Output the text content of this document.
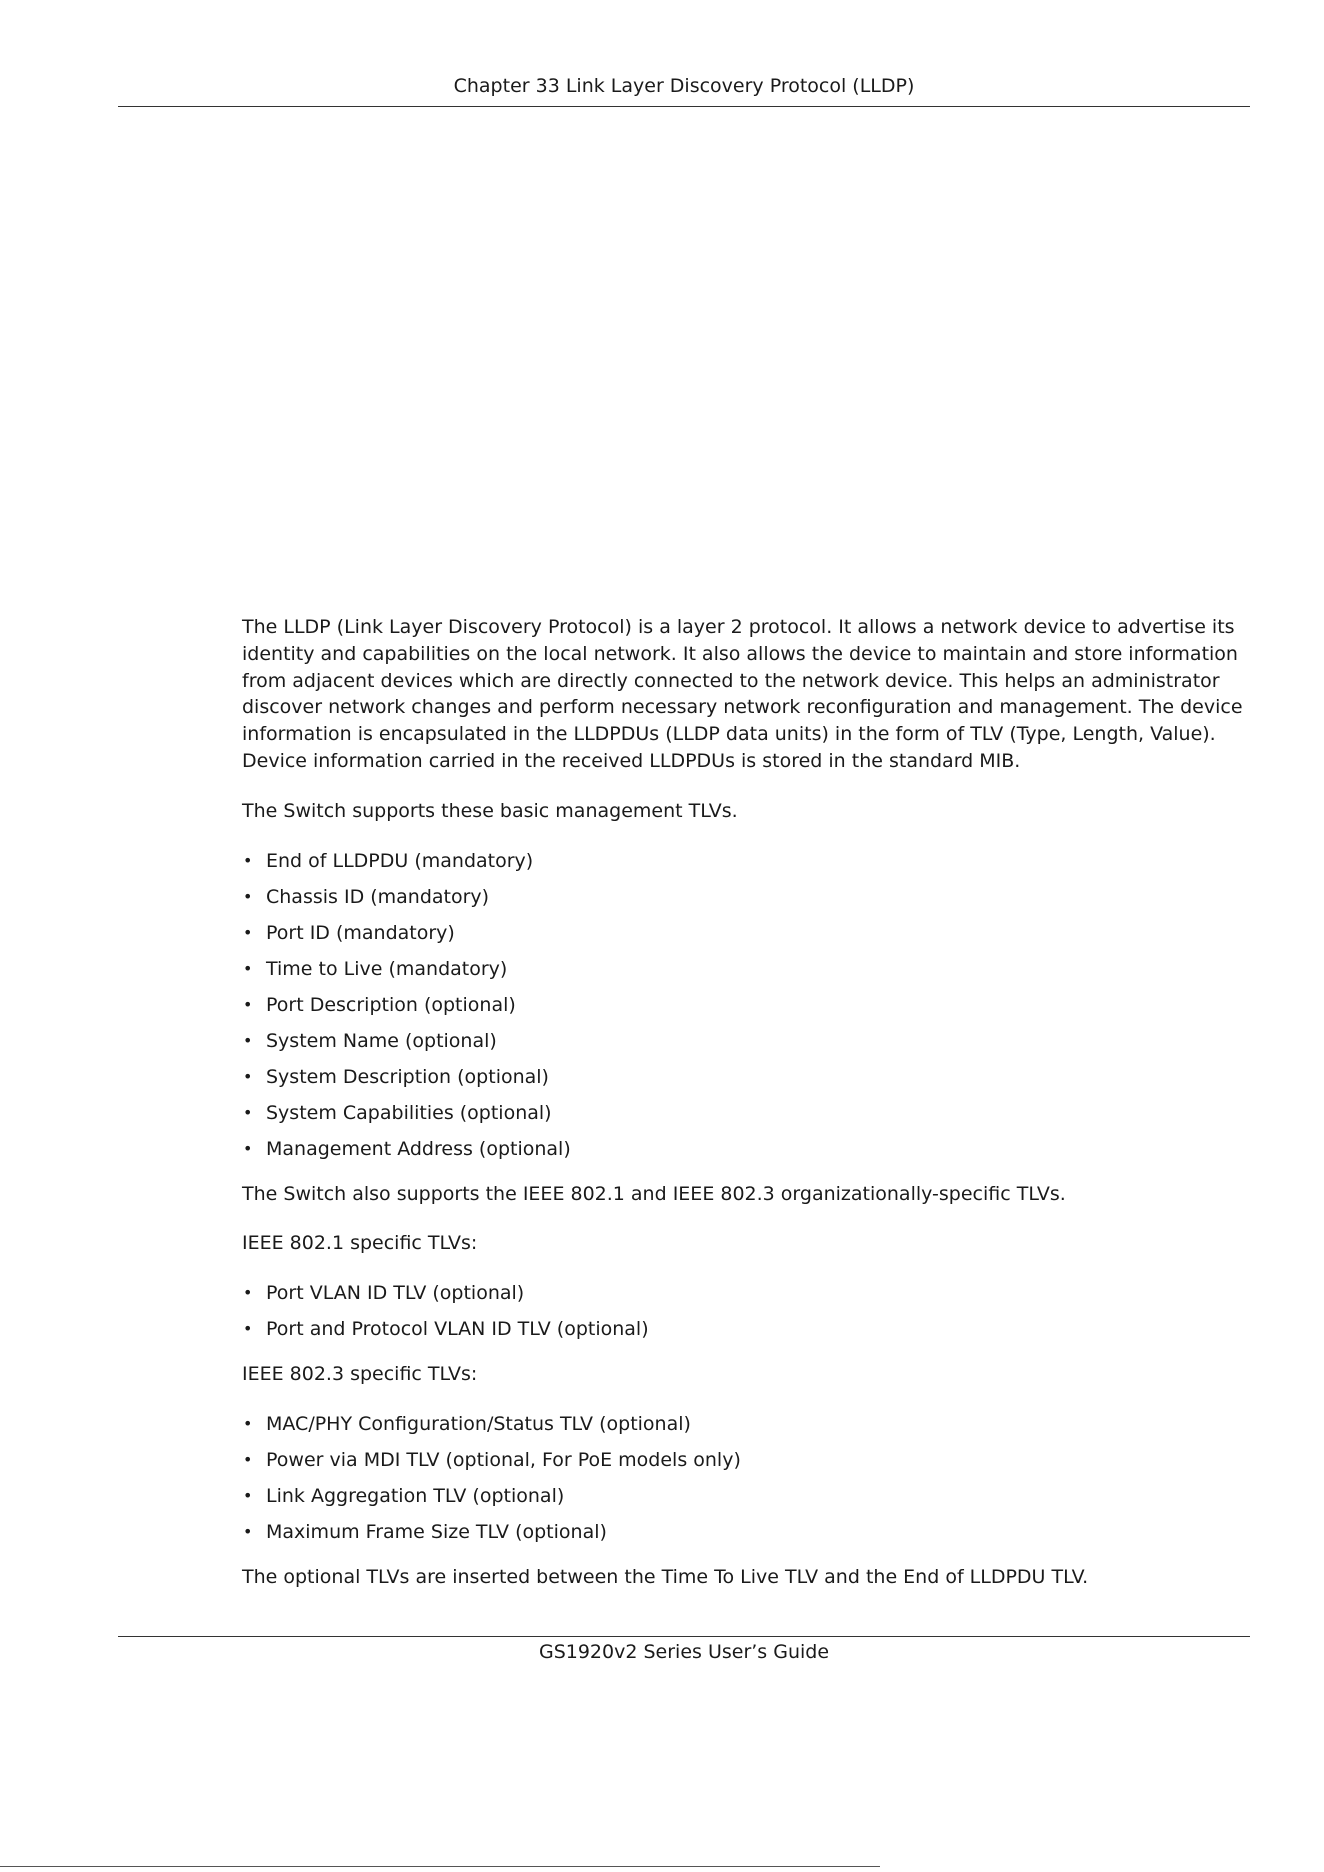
Chapter 33 Link Layer Discovery Protocol (LLDP)

The LLDP (Link Layer Discovery Protocol) is a layer 2 protocol. It allows a network device to advertise its identity and capabilities on the local network. It also allows the device to maintain and store information from adjacent devices which are directly connected to the network device. This helps an administrator discover network changes and perform necessary network reconfiguration and management. The device information is encapsulated in the LLDPDUs (LLDP data units) in the form of TLV (Type, Length, Value). Device information carried in the received LLDPDUs is stored in the standard MIB.

The Switch supports these basic management TLVs.

• End of LLDPDU (mandatory)
• Chassis ID (mandatory)
• Port ID (mandatory)
• Time to Live (mandatory)
• Port Description (optional)
• System Name (optional)
• System Description (optional)
• System Capabilities (optional)
• Management Address (optional)

The Switch also supports the IEEE 802.1 and IEEE 802.3 organizationally-specific TLVs.

IEEE 802.1 specific TLVs:

• Port VLAN ID TLV (optional)
• Port and Protocol VLAN ID TLV (optional)

IEEE 802.3 specific TLVs:

• MAC/PHY Configuration/Status TLV (optional)
• Power via MDI TLV (optional, For PoE models only)
• Link Aggregation TLV (optional)
• Maximum Frame Size TLV (optional)

The optional TLVs are inserted between the Time To Live TLV and the End of LLDPDU TLV.

GS1920v2 Series User’s Guide
